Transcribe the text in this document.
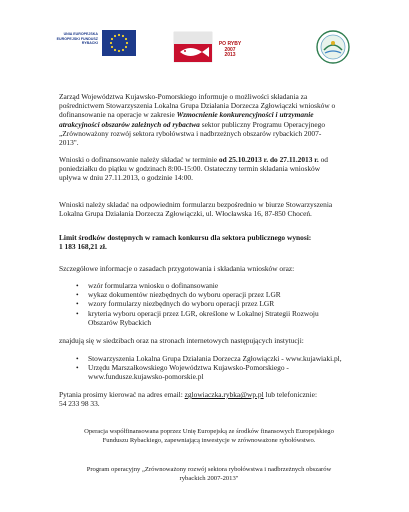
UNIA EUROPEJSKA
EUROPEJSKI FUNDUSZ
RYBACKI	PO RYBY
2007
2013
Zarząd Województwa Kujawsko-Pomorskiego informuje o możliwości składania za
pośrednictwem Stowarzyszenia Lokalna Grupa Działania Dorzecza Zgłowiączki wniosków o
dofinansowanie na operacje w zakresie Wzmocnienie konkurencyjności i utrzymanie
atrakcyjności obszarów zależnych od rybactwa sektor publiczny Programu Operacyjnego
„Zrównoważony rozwój sektora rybołówstwa i nadbrzeżnych obszarów rybackich 2007-
2013".
Wnioski o dofinansowanie należy składać w terminie od 25.10.2013 r. do 27.11.2013 r. od
poniedziałku do piątku w godzinach 8:00-15:00. Ostateczny termin składania wniosków
upływa w dniu 27.11.2013, o godzinie 14:00.
Wnioski należy składać na odpowiednim formularzu bezpośrednio w biurze Stowarzyszenia
Lokalna Grupa Działania Dorzecza Zgłowiączki, ul. Włocławska 16, 87-850 Choceń.
Limit środków dostępnych w ramach konkursu dla sektora publicznego wynosi:
1 183 168,21 zł.
Szczegółowe informacje o zasadach przygotowania i składania wniosków oraz:
• wzór formularza wniosku o dofinansowanie
• wykaz dokumentów niezbędnych do wyboru operacji przez LGR
• wzory formularzy niezbędnych do wyboru operacji przez LGR
• kryteria wyboru operacji przez LGR, określone w Lokalnej Strategii Rozwoju
Obszarów Rybackich
znajdują się w siedzibach oraz na stronach internetowych następujących instytucji:
• Stowarzyszenia Lokalna Grupa Działania Dorzecza Zgłowiączki - www.kujawiaki.pl,
• Urzędu Marszałkowskiego Województwa Kujawsko-Pomorskiego -
www.fundusze.kujawsko-pomorskie.pl
Pytania prosimy kierować na adres email: zglowiaczka.rybka@wp.pl lub telefonicznie:
54 233 98 33.
Operacja współfinansowana poprzez Unię Europejską ze środków finansowych Europejskiego
Funduszu Rybackiego, zapewniającą inwestycje w zrównoważone rybołówstwo.
Program operacyjny „Zrównoważony rozwój sektora rybołówstwa i nadbrzeżnych obszarów
rybackich 2007-2013"
